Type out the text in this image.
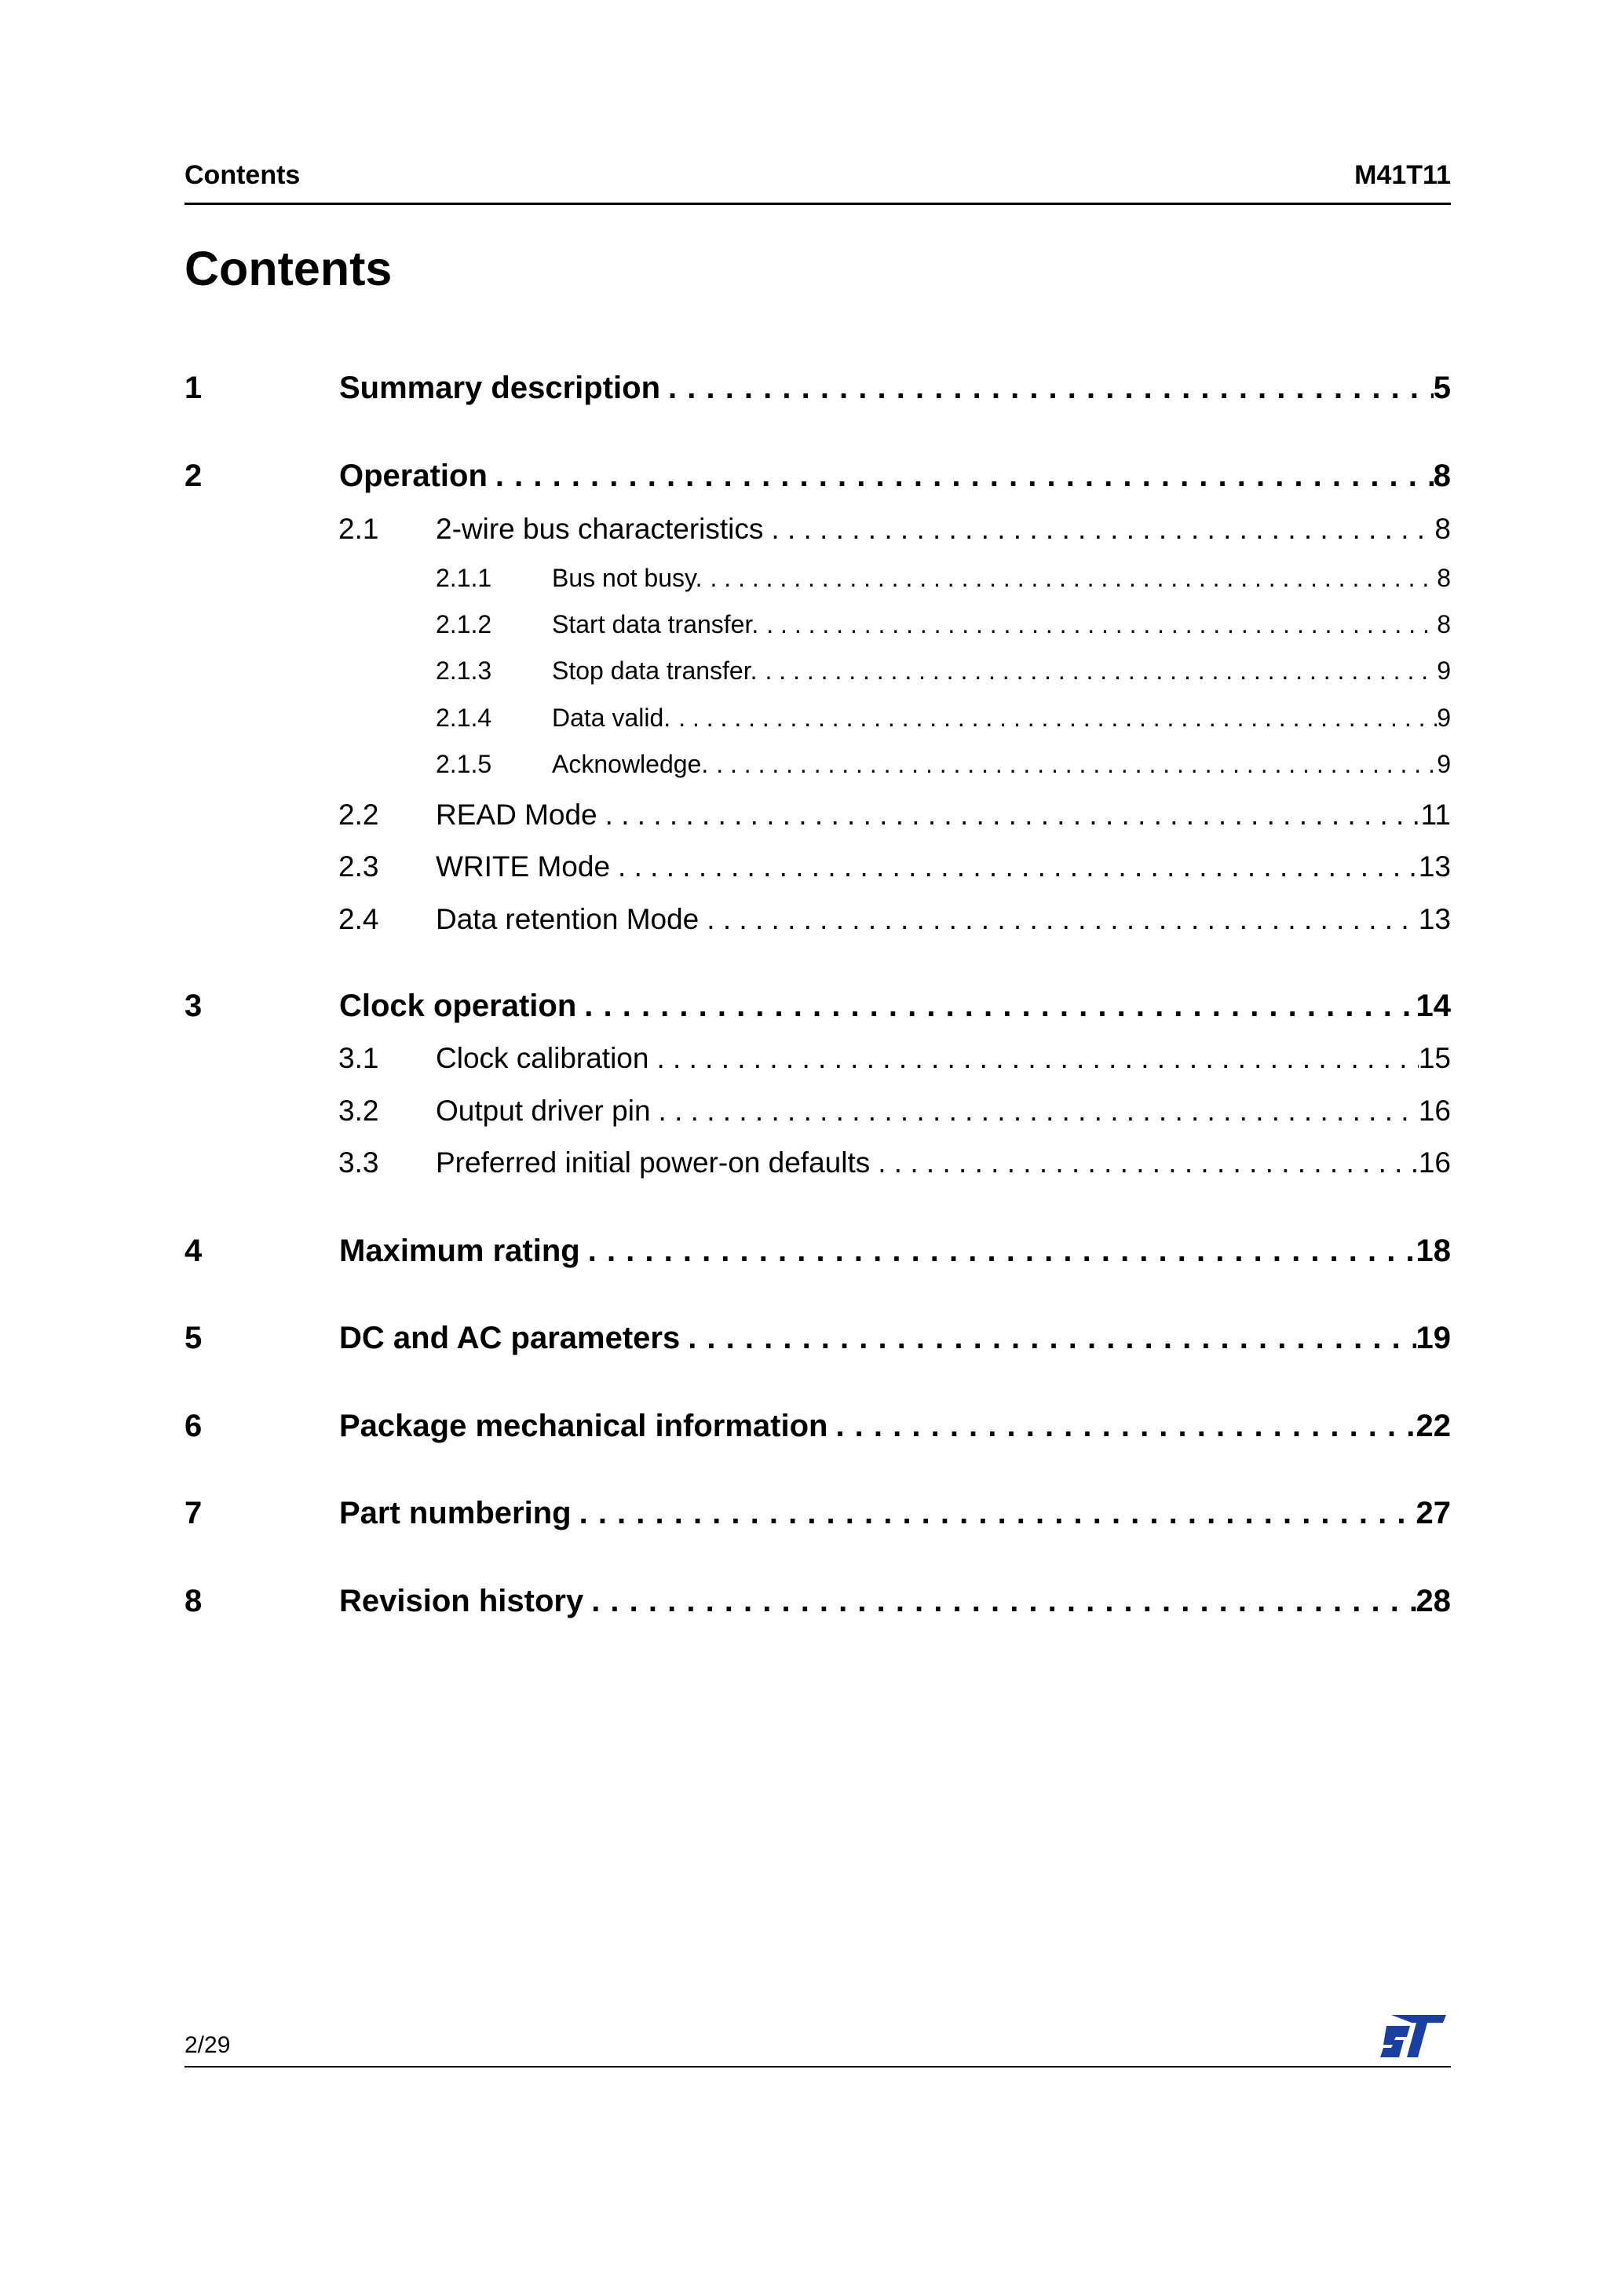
Contents	M41T11
Contents
1	Summary description . . .	5
2	Operation . . .	8
2.1 2-wire bus characteristics . . .	8
2.1.1 Bus not busy. . . .	8
2.1.2 Start data transfer. . . .	8
2.1.3 Stop data transfer. . . .	9
2.1.4 Data valid. . . .	9
2.1.5 Acknowledge. . . .	9
2.2 READ Mode . . .	11
2.3 WRITE Mode . . .	13
2.4 Data retention Mode . . .	13
3	Clock operation . . .	14
3.1 Clock calibration . . .	15
3.2 Output driver pin . . .	16
3.3 Preferred initial power-on defaults . . .	16
4	Maximum rating . . .	18
5	DC and AC parameters . . .	19
6	Package mechanical information . . .	22
7	Part numbering . . .	27
8	Revision history . . .	28
2/29
